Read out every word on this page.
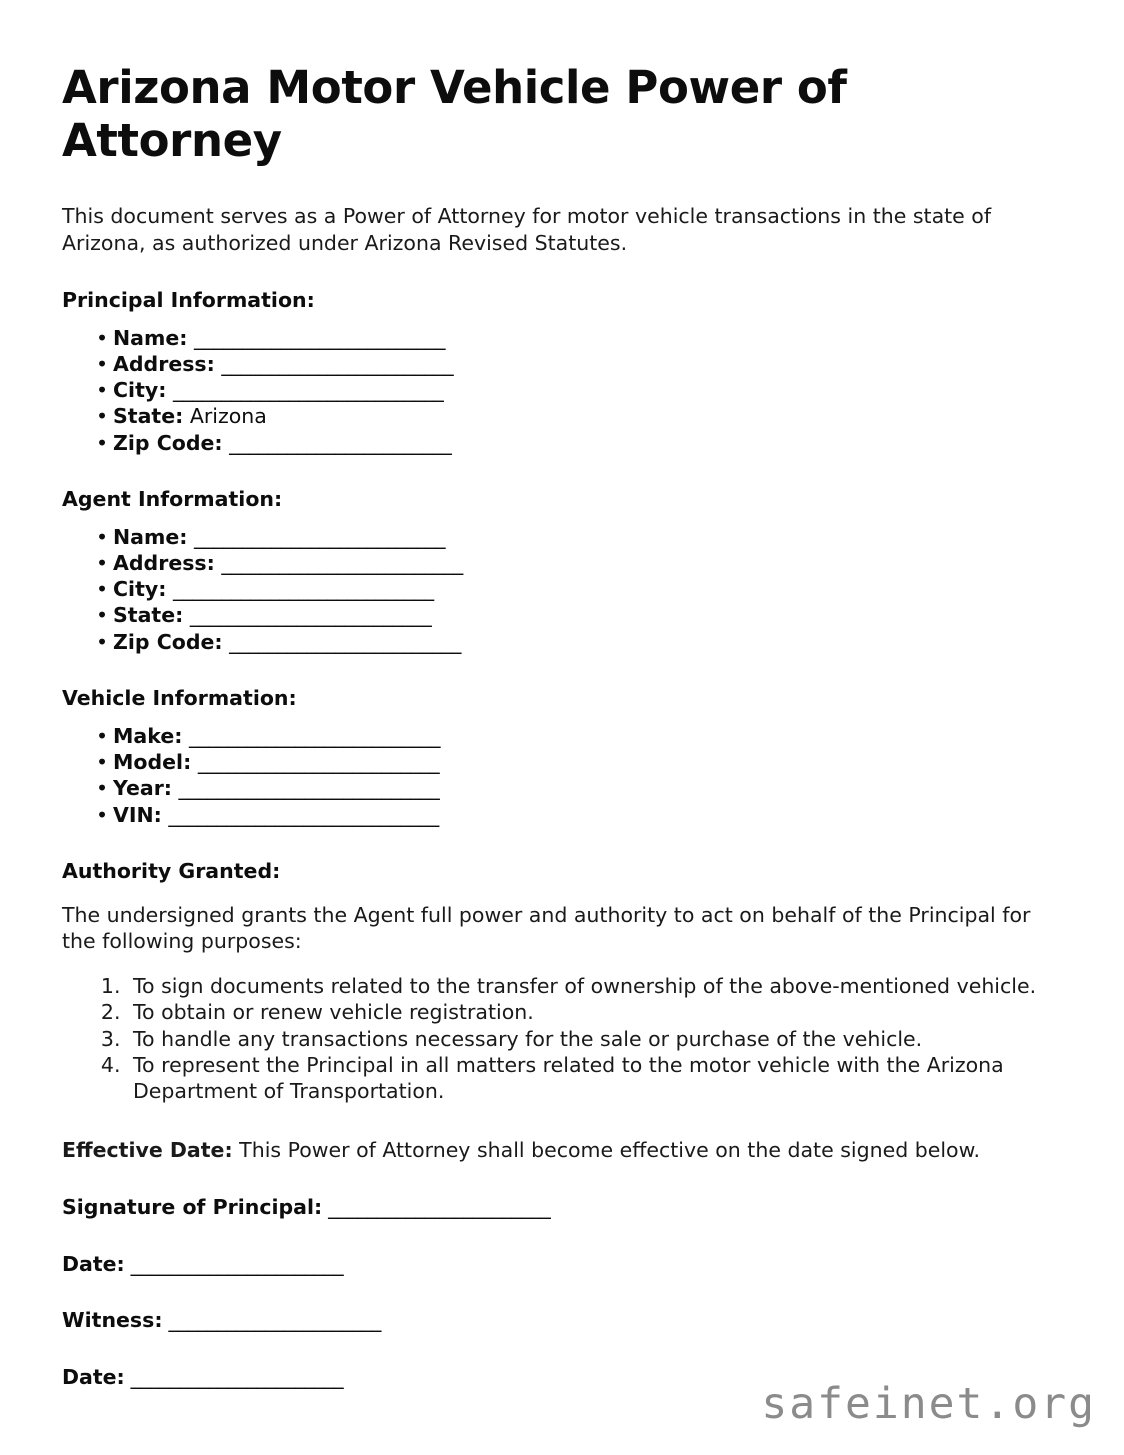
Arizona Motor Vehicle Power of Attorney

This document serves as a Power of Attorney for motor vehicle transactions in the state of Arizona, as authorized under Arizona Revised Statutes.

Principal Information:
• Name: __________________________
• Address: ________________________
• City: ____________________________
• State: Arizona
• Zip Code: _______________________
Agent Information:
• Name: __________________________
• Address: _________________________
• City: ___________________________
• State: _________________________
• Zip Code: ________________________
Vehicle Information:
• Make: __________________________
• Model: _________________________
• Year: ___________________________
• VIN: ____________________________
Authority Granted:

The undersigned grants the Agent full power and authority to act on behalf of the Principal for the following purposes:

1. To sign documents related to the transfer of ownership of the above-mentioned vehicle.
2. To obtain or renew vehicle registration.
3. To handle any transactions necessary for the sale or purchase of the vehicle.
4. To represent the Principal in all matters related to the motor vehicle with the Arizona Department of Transportation.

Effective Date: This Power of Attorney shall become effective on the date signed below.

Signature of Principal: _______________________

Date: ______________________

Witness: ______________________

Date: ______________________

safeinet.org
